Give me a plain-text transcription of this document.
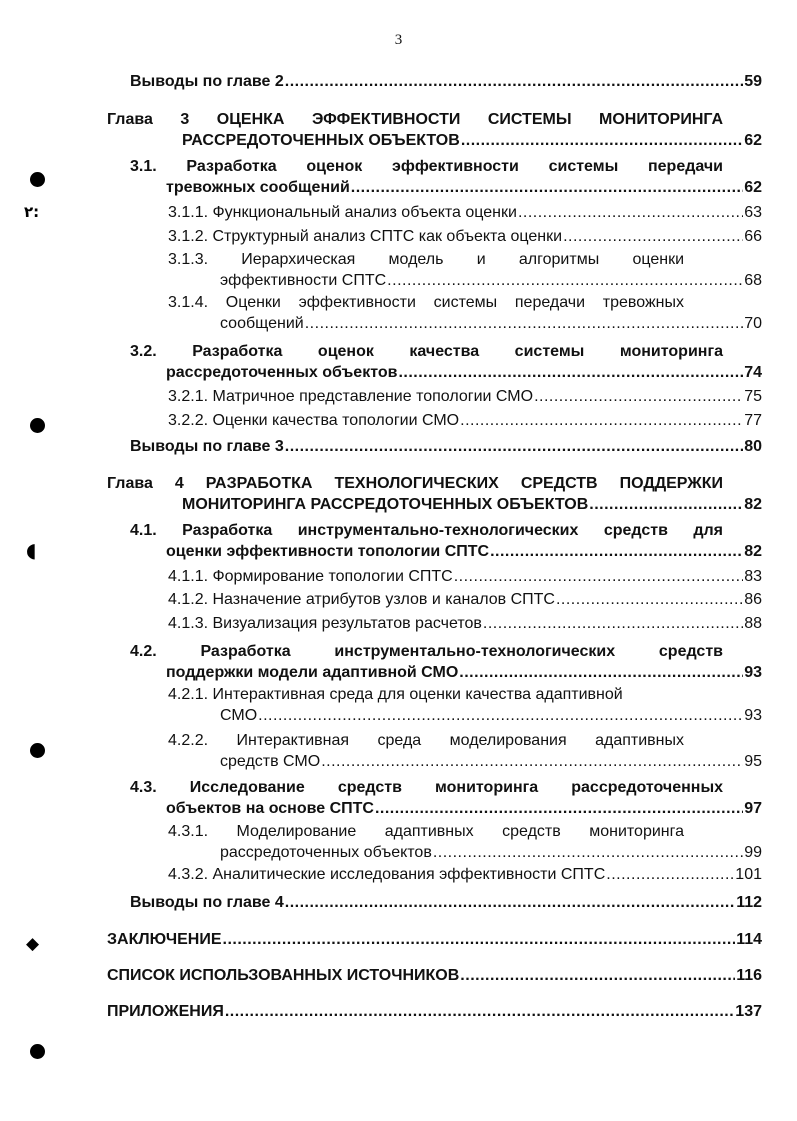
3
Выводы по главе 2 .....	59
Глава 3 ОЦЕНКА ЭФФЕКТИВНОСТИ СИСТЕМЫ МОНИТОРИНГА
РАССРЕДОТОЧЕННЫХ ОБЪЕКТОВ .....	62
3.1. Разработка оценок эффективности системы передачи
тревожных сообщений .....	62
3.1.1. Функциональный анализ объекта оценки .....	63
3.1.2. Структурный анализ СПТС как объекта оценки .....	66
3.1.3. Иерархическая модель и алгоритмы оценки
эффективности СПТС .....	68
3.1.4. Оценки эффективности системы передачи тревожных
сообщений .....	70
3.2. Разработка оценок качества системы мониторинга
рассредоточенных объектов .....	74
3.2.1. Матричное представление топологии СМО .....	75
3.2.2. Оценки качества топологии СМО .....	77
Выводы по главе 3 .....	80
Глава 4 РАЗРАБОТКА ТЕХНОЛОГИЧЕСКИХ СРЕДСТВ ПОДДЕРЖКИ
МОНИТОРИНГА РАССРЕДОТОЧЕННЫХ ОБЪЕКТОВ .....	82
4.1. Разработка инструментально-технологических средств для
оценки эффективности топологии СПТС .....	82
4.1.1. Формирование топологии СПТС .....	83
4.1.2. Назначение атрибутов узлов и каналов СПТС .....	86
4.1.3. Визуализация результатов расчетов .....	88
4.2. Разработка инструментально-технологических средств
поддержки модели адаптивной СМО .....	93
4.2.1. Интерактивная среда для оценки качества адаптивной
СМО .....	93
4.2.2. Интерактивная среда моделирования адаптивных
средств СМО .....	95
4.3. Исследование средств мониторинга рассредоточенных
объектов на основе СПТС .....	97
4.3.1. Моделирование адаптивных средств мониторинга
рассредоточенных объектов .....	99
4.3.2. Аналитические исследования эффективности СПТС .....	101
Выводы по главе 4 .....	112
ЗАКЛЮЧЕНИЕ .....	114
СПИСОК ИСПОЛЬЗОВАННЫХ ИСТОЧНИКОВ .....	116
ПРИЛОЖЕНИЯ .....	137
٢:
◖
◆
